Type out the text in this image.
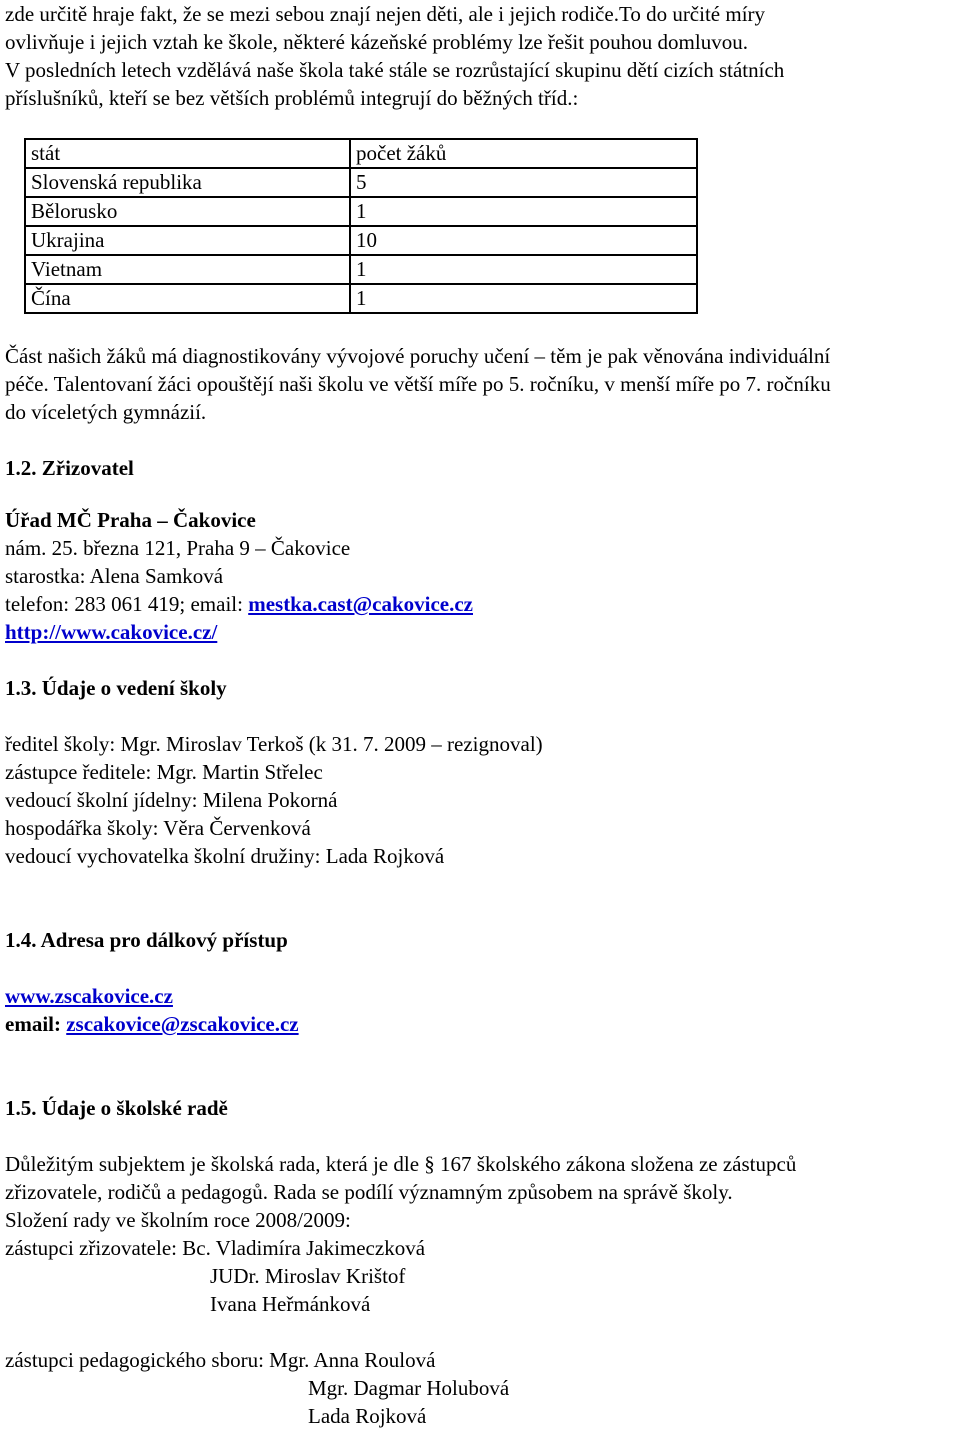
zde určitě hraje fakt, že se mezi sebou znají nejen děti, ale i jejich rodiče.To do určité míry
ovlivňuje i jejich vztah ke škole, některé kázeňské problémy lze řešit pouhou domluvou.
V posledních letech vzdělává naše škola také stále se rozrůstající skupinu dětí cizích státních
příslušníků, kteří se bez větších problémů integrují do běžných tříd.:
stát	počet žáků
Slovenská republika	5
Bělorusko	1
Ukrajina	10
Vietnam	1
Čína	1
Část našich žáků má diagnostikovány vývojové poruchy učení – těm je pak věnována individuální
péče. Talentovaní žáci opouštějí naši školu ve větší míře po 5. ročníku, v menší míře po 7. ročníku
do víceletých gymnázií.
1.2. Zřizovatel
Úřad MČ Praha – Čakovice
nám. 25. března 121, Praha 9 – Čakovice
starostka: Alena Samková
telefon: 283 061 419; email: mestka.cast@cakovice.cz
http://www.cakovice.cz/
1.3. Údaje o vedení školy
ředitel školy: Mgr. Miroslav Terkoš (k 31. 7. 2009 – rezignoval)
zástupce ředitele: Mgr. Martin Střelec
vedoucí školní jídelny: Milena Pokorná
hospodářka školy: Věra Červenková
vedoucí vychovatelka školní družiny: Lada Rojková
1.4. Adresa pro dálkový přístup
www.zscakovice.cz
email: zscakovice@zscakovice.cz
1.5. Údaje o školské radě
Důležitým subjektem je školská rada, která je dle § 167 školského zákona složena ze zástupců
zřizovatele, rodičů a pedagogů. Rada se podílí významným způsobem na správě školy.
Složení rady ve školním roce 2008/2009:
zástupci zřizovatele: Bc. Vladimíra Jakimeczková
JUDr. Miroslav Krištof
Ivana Heřmánková
zástupci pedagogického sboru: Mgr. Anna Roulová
Mgr. Dagmar Holubová
Lada Rojková
